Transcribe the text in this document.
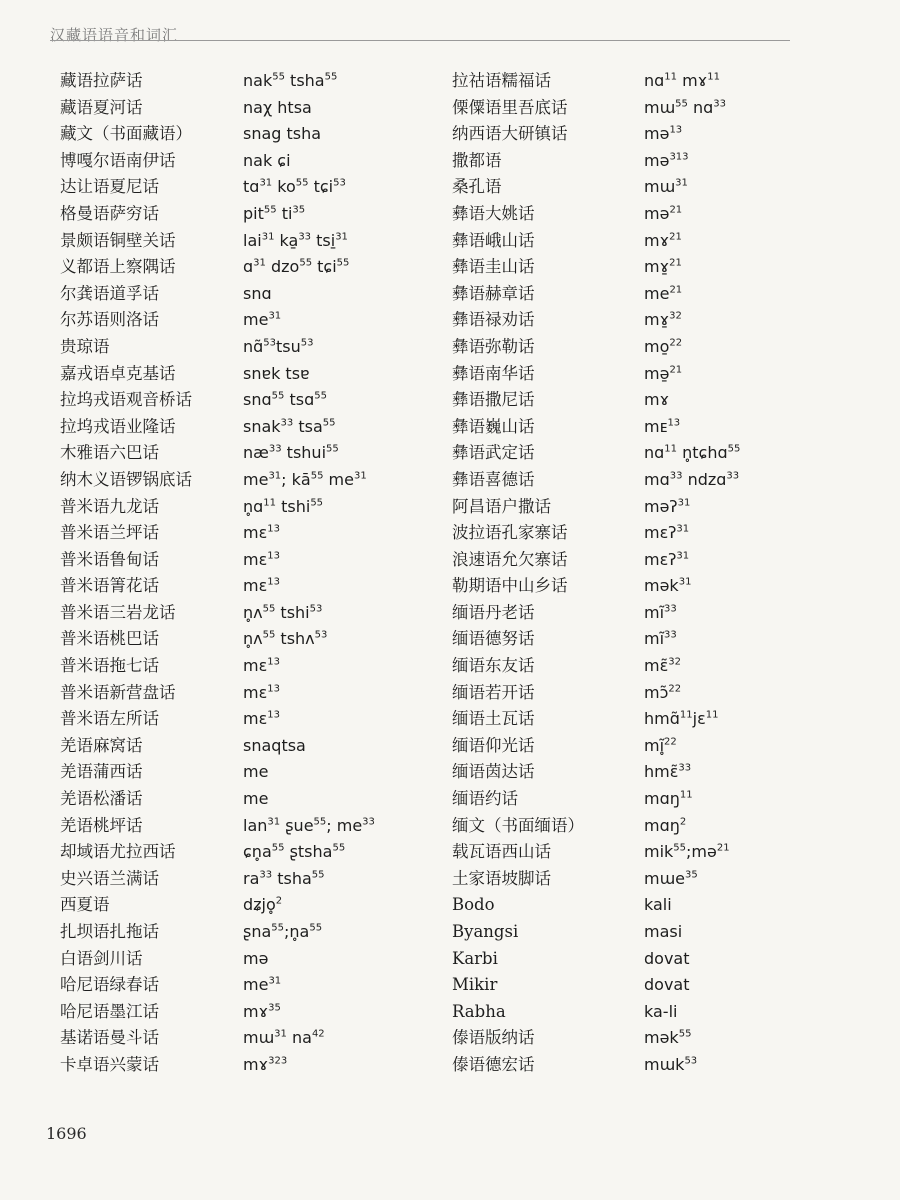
汉藏语语音和词汇
藏语拉萨话	nak$^{55}$ tsha$^{55}$
藏语夏河话	naχ htsa
藏文（书面藏语）	snag tsha
博嘎尔语南伊话	nak ɕi
达让语夏尼话	tɑ$^{31}$ $ko^{55}$ tɕi$^{53}$
格曼语萨穷话	pit$^{55}$ $ti^{35}$
景颇语铜壁关话	lai$^{31}$ ka̱$^{33}$ tsi̱$^{31}$
义都语上察隅话	ɑ$^{31}$ dzo$^{55}$ tɕi$^{55}$
尔龚语道孚话	snɑ
尔苏语则洛话	$me^{31}$
贵琼语	nɑ̃$^{53}$tsu$^{53}$
嘉戎语卓克基话	snɐk tsɐ
拉坞戎语观音桥话	snɑ$^{55}$ tsɑ$^{55}$
拉坞戎语业隆话	snak$^{33}$ tsa$^{55}$
木雅语六巴话	$næ^{33}$ tshui$^{55}$
纳木义语锣锅底话	$me^{31}$; $kā^{55}$ $me^{31}$
普米语九龙话	n̥ɑ$^{11}$ tshi$^{55}$
普米语兰坪话	mɛ$^{13}$
普米语鲁甸话	mɛ$^{13}$
普米语箐花话	mɛ$^{13}$
普米语三岩龙话	n̥ʌ$^{55}$ tshi$^{53}$
普米语桃巴话	n̥ʌ$^{55}$ tshʌ$^{53}$
普米语拖七话	mɛ$^{13}$
普米语新营盘话	mɛ$^{13}$
普米语左所话	mɛ$^{13}$
羌语麻窝话	snaqtsa
羌语蒲西话	me
羌语松潘话	me
羌语桃坪话	lan$^{31}$ ʂue$^{55}$; $me^{33}$
却域语尤拉西话	$ɕn̥a^{55}$ ʂtsha$^{55}$
史兴语兰满话	$ra^{33}$ tsha$^{55}$
西夏语	dʑjo̥$^2$
扎坝语扎拖话	$ʂna^{55};n̥a^{55}$
白语剑川话	mə
哈尼语绿春话	$me^{31}$
哈尼语墨江话	mɤ$^{35}$
基诺语曼斗话	mɯ$^{31}$ $na^{42}$
卡卓语兴蒙话	mɤ$^{323}$
拉祜语糯福话	nɑ$^{11}$ mɤ$^{11}$
傈僳语里吾底话	mɯ$^{55}$ nɑ$^{33}$
纳西语大研镇话	mə$^{13}$
撒都语	mə$^{313}$
桑孔语	mɯ$^{31}$
彝语大姚话	mə$^{21}$
彝语峨山话	mɤ$^{21}$
彝语圭山话	mɤ̱$^{21}$
彝语赫章话	$me^{21}$
彝语禄劝话	mɤ̱$^{32}$
彝语弥勒话	mo̱$^{22}$
彝语南华话	mə̱$^{21}$
彝语撒尼话	mɤ
彝语巍山话	mᴇ$^{13}$
彝语武定话	nɑ$^{11}$ n̥tɕhɑ$^{55}$
彝语喜德话	mɑ$^{33}$ ndzɑ$^{33}$
阿昌语户撒话	məʔ$^{31}$
波拉语孔家寨话	mɛʔ$^{31}$
浪速语允欠寨话	mɛʔ$^{31}$
勒期语中山乡话	mək$^{31}$
缅语丹老话	$mĩ^{33}$
缅语德努话	$mĩ^{33}$
缅语东友话	mɛ̃$^{32}$
缅语若开话	mɔ̃$^{22}$
缅语土瓦话	hmɑ̃$^{11}$jɛ$^{11}$
缅语仰光话	mĩ̥$^{22}$
缅语茵达话	hmɛ̃$^{33}$
缅语约话	mɑŋ$^{11}$
缅文（书面缅语）	mɑŋ$^2$
载瓦语西山话	mik$^{55}$;mə$^{21}$
土家语坡脚话	mɯe$^{35}$
Bodo	kali
Byangsi	masi
Karbi	dovat
Mikir	dovat
Rabha	ka-li
傣语版纳话	mək$^{55}$
傣语德宏话	mɯk$^{53}$
1696
